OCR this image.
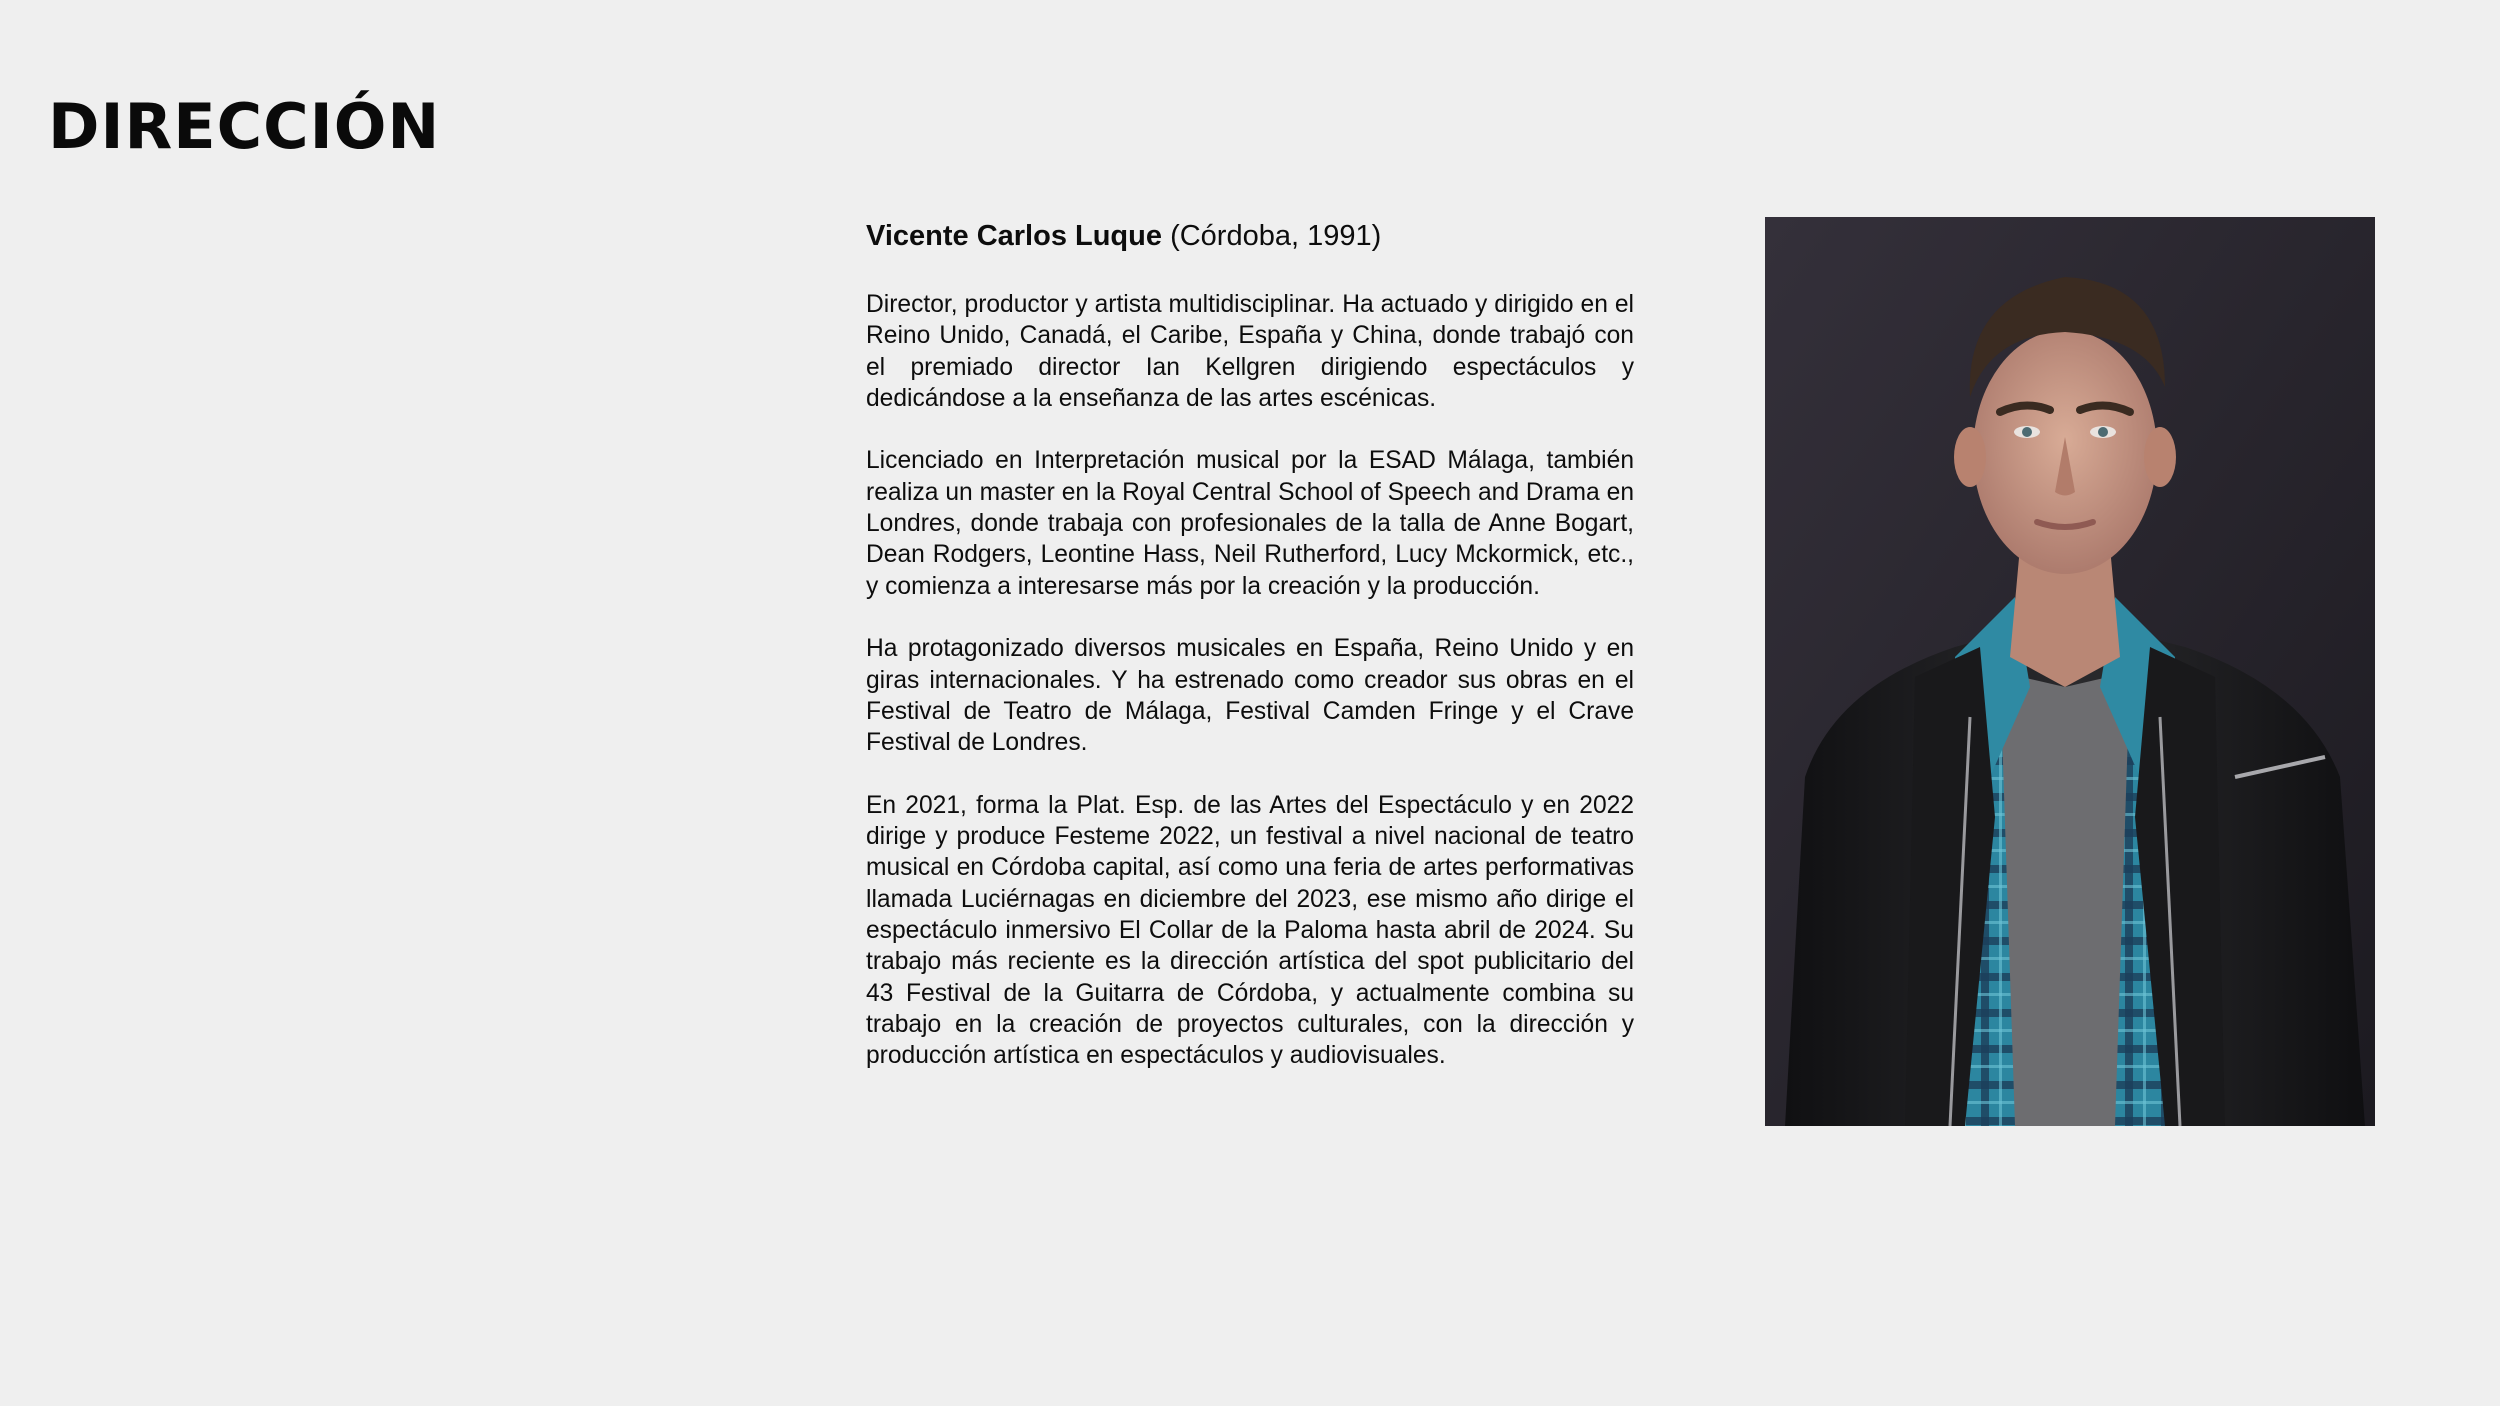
DIRECCIÓN
Vicente Carlos Luque (Córdoba, 1991)

Director, productor y artista multidisciplinar. Ha actuado y dirigido en el Reino Unido, Canadá, el Caribe, España y China, donde trabajó con el premiado director Ian Kellgren dirigiendo espectáculos y dedicándose a la enseñanza de las artes escénicas.

Licenciado en Interpretación musical por la ESAD Málaga, también realiza un master en la Royal Central School of Speech and Drama en Londres, donde trabaja con profesionales de la talla de Anne Bogart, Dean Rodgers, Leontine Hass, Neil Rutherford, Lucy Mckormick, etc., y comienza a interesarse más por la creación y la producción.

Ha protagonizado diversos musicales en España, Reino Unido y en giras internacionales. Y ha estrenado como creador sus obras en el Festival de Teatro de Málaga, Festival Camden Fringe y el Crave Festival de Londres.

En 2021, forma la Plat. Esp. de las Artes del Espectáculo y en 2022 dirige y produce Festeme 2022, un festival a nivel nacional de teatro musical en Córdoba capital, así como una feria de artes performativas llamada Luciérnagas en diciembre del 2023, ese mismo año dirige el espectáculo inmersivo El Collar de la Paloma hasta abril de 2024. Su trabajo más reciente es la dirección artística del spot publicitario del 43 Festival de la Guitarra de Córdoba, y actualmente combina su trabajo en la creación de proyectos culturales, con la dirección y producción artística en espectáculos y audiovisuales.
